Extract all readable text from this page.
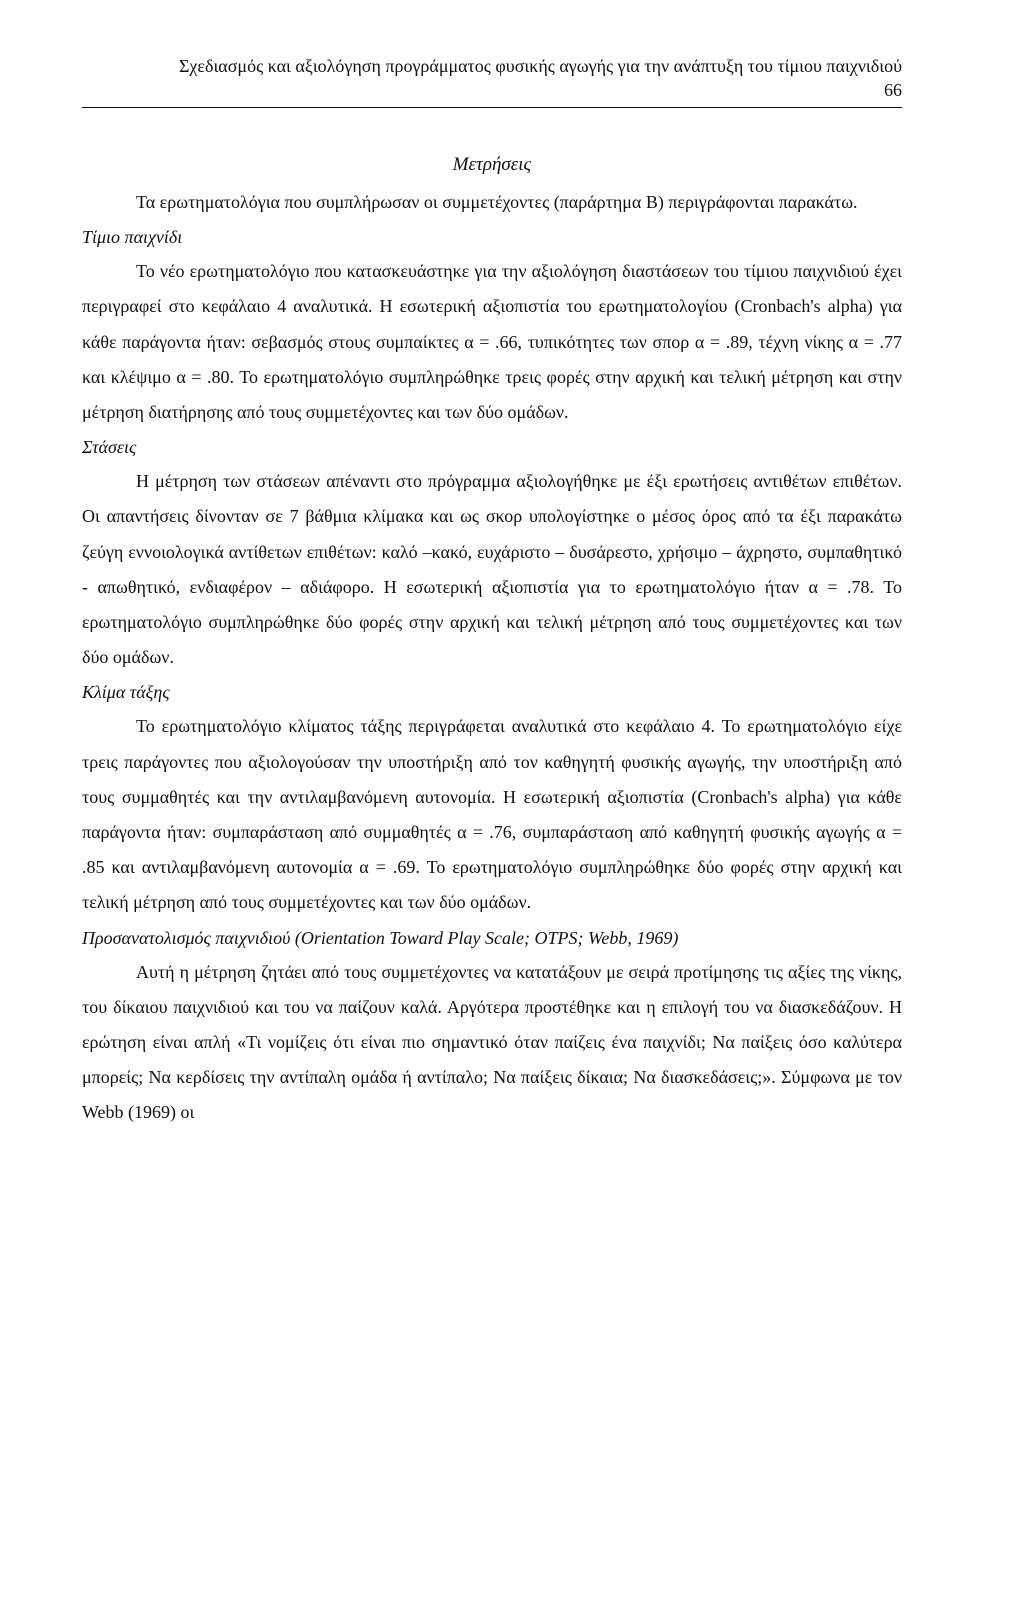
Σχεδιασμός και αξιολόγηση προγράμματος φυσικής αγωγής για την ανάπτυξη του τίμιου παιχνιδιού
66
Μετρήσεις

Τα ερωτηματολόγια που συμπλήρωσαν οι συμμετέχοντες (παράρτημα Β) περιγράφονται παρακάτω.

Τίμιο παιχνίδι

Το νέο ερωτηματολόγιο που κατασκευάστηκε για την αξιολόγηση διαστάσεων του τίμιου παιχνιδιού έχει περιγραφεί στο κεφάλαιο 4 αναλυτικά. Η εσωτερική αξιοπιστία του ερωτηματολογίου (Cronbach's alpha) για κάθε παράγοντα ήταν: σεβασμός στους συμπαίκτες α = .66, τυπικότητες των σπορ α = .89, τέχνη νίκης α = .77 και κλέψιμο α = .80. Το ερωτηματολόγιο συμπληρώθηκε τρεις φορές στην αρχική και τελική μέτρηση και στην μέτρηση διατήρησης από τους συμμετέχοντες και των δύο ομάδων.

Στάσεις

Η μέτρηση των στάσεων απέναντι στο πρόγραμμα αξιολογήθηκε με έξι ερωτήσεις αντιθέτων επιθέτων. Οι απαντήσεις δίνονταν σε 7 βάθμια κλίμακα και ως σκορ υπολογίστηκε ο μέσος όρος από τα έξι παρακάτω ζεύγη εννοιολογικά αντίθετων επιθέτων: καλό –κακό, ευχάριστο – δυσάρεστο, χρήσιμο – άχρηστο, συμπαθητικό - απωθητικό, ενδιαφέρον – αδιάφορο. Η εσωτερική αξιοπιστία για το ερωτηματολόγιο ήταν α = .78. Το ερωτηματολόγιο συμπληρώθηκε δύο φορές στην αρχική και τελική μέτρηση από τους συμμετέχοντες και των δύο ομάδων.

Κλίμα τάξης

Το ερωτηματολόγιο κλίματος τάξης περιγράφεται αναλυτικά στο κεφάλαιο 4. Το ερωτηματολόγιο είχε τρεις παράγοντες που αξιολογούσαν την υποστήριξη από τον καθηγητή φυσικής αγωγής, την υποστήριξη από τους συμμαθητές και την αντιλαμβανόμενη αυτονομία. Η εσωτερική αξιοπιστία (Cronbach's alpha) για κάθε παράγοντα ήταν: συμπαράσταση από συμμαθητές α = .76, συμπαράσταση από καθηγητή φυσικής αγωγής α = .85 και αντιλαμβανόμενη αυτονομία α = .69. Το ερωτηματολόγιο συμπληρώθηκε δύο φορές στην αρχική και τελική μέτρηση από τους συμμετέχοντες και των δύο ομάδων.

Προσανατολισμός παιχνιδιού (Orientation Toward Play Scale; OTPS; Webb, 1969)

Αυτή η μέτρηση ζητάει από τους συμμετέχοντες να κατατάξουν με σειρά προτίμησης τις αξίες της νίκης, του δίκαιου παιχνιδιού και του να παίζουν καλά. Αργότερα προστέθηκε και η επιλογή του να διασκεδάζουν. Η ερώτηση είναι απλή «Τι νομίζεις ότι είναι πιο σημαντικό όταν παίζεις ένα παιχνίδι; Να παίξεις όσο καλύτερα μπορείς; Να κερδίσεις την αντίπαλη ομάδα ή αντίπαλο; Να παίξεις δίκαια; Να διασκεδάσεις;». Σύμφωνα με τον Webb (1969) οι
